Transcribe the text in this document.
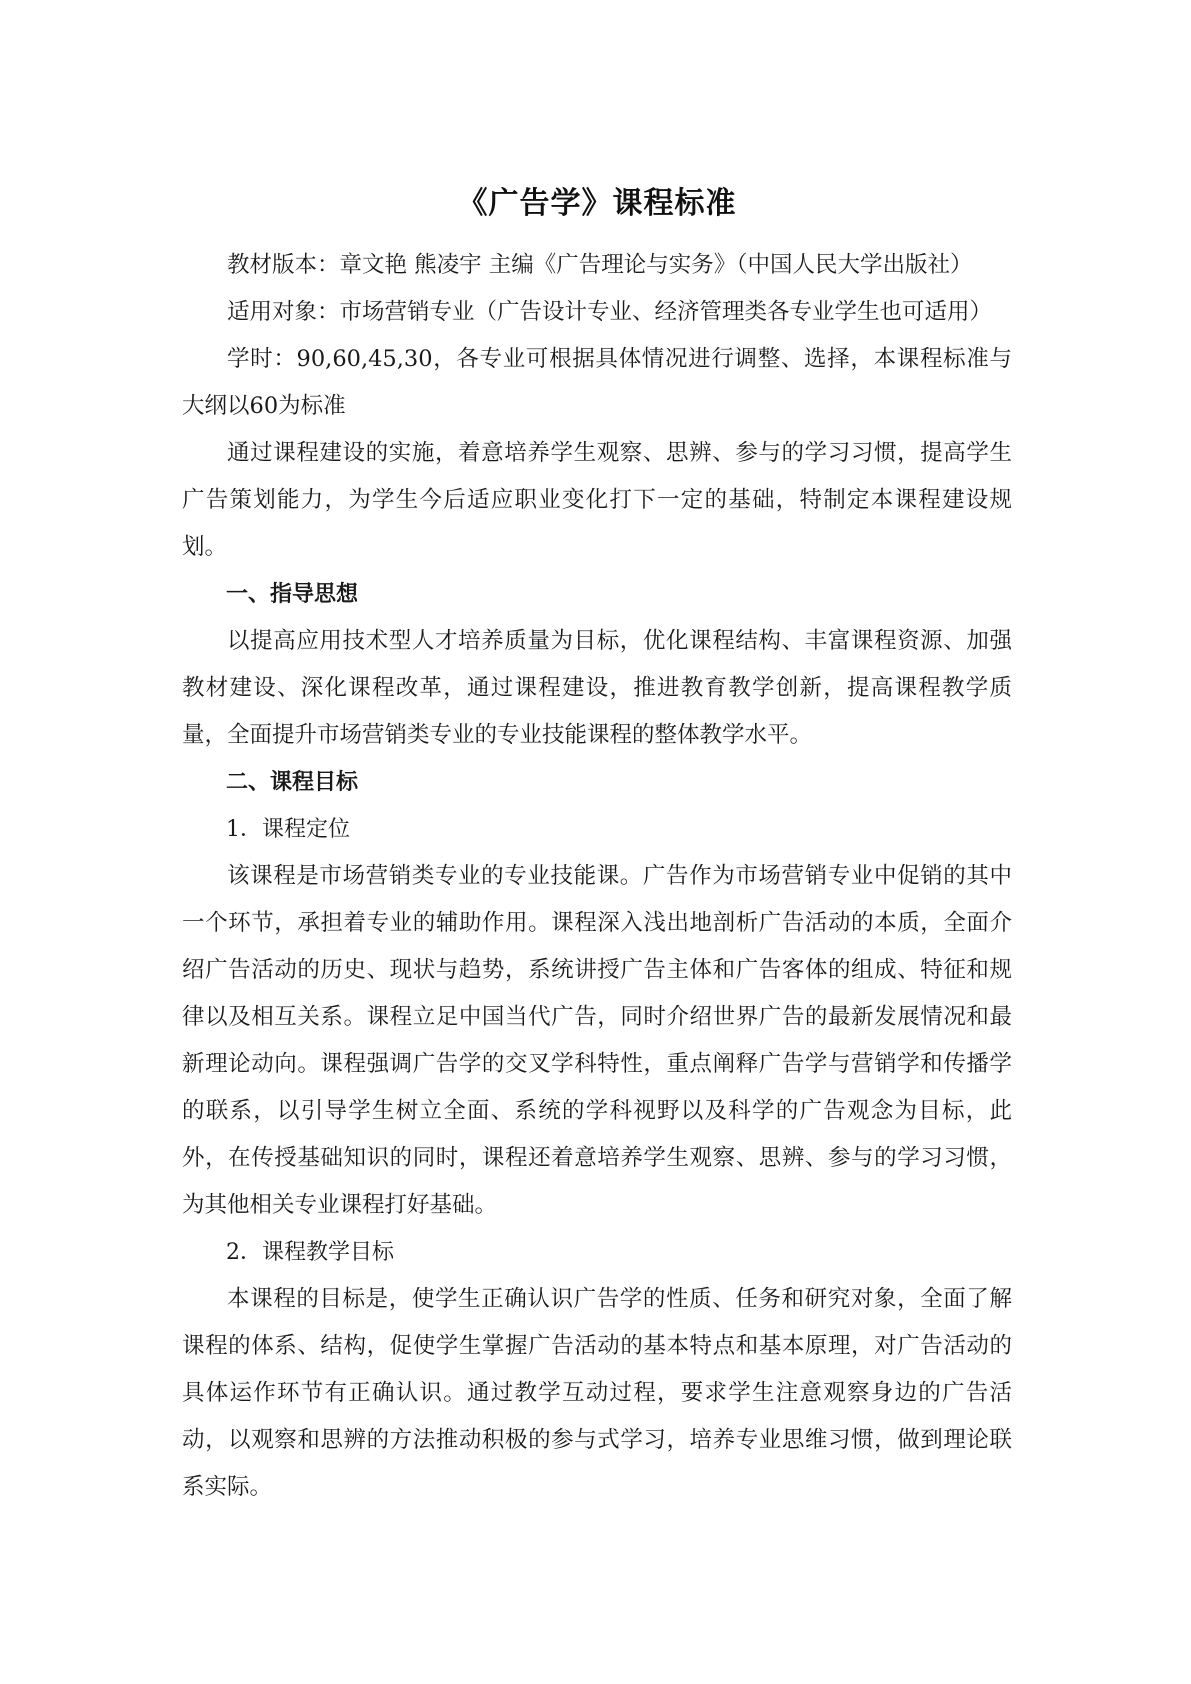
《广告学》课程标准

教材版本：章文艳 熊凌宇 主编《广告理论与实务》（中国人民大学出版社）

适用对象：市场营销专业（广告设计专业、经济管理类各专业学生也可适用）

学时：90,60,45,30，各专业可根据具体情况进行调整、选择，本课程标准与大纲以60为标准

通过课程建设的实施，着意培养学生观察、思辨、参与的学习习惯，提高学生广告策划能力，为学生今后适应职业变化打下一定的基础，特制定本课程建设规划。

一、指导思想

以提高应用技术型人才培养质量为目标，优化课程结构、丰富课程资源、加强教材建设、深化课程改革，通过课程建设，推进教育教学创新，提高课程教学质量，全面提升市场营销类专业的专业技能课程的整体教学水平。

二、课程目标

1．课程定位

该课程是市场营销类专业的专业技能课。广告作为市场营销专业中促销的其中一个环节，承担着专业的辅助作用。课程深入浅出地剖析广告活动的本质，全面介绍广告活动的历史、现状与趋势，系统讲授广告主体和广告客体的组成、特征和规律以及相互关系。课程立足中国当代广告，同时介绍世界广告的最新发展情况和最新理论动向。课程强调广告学的交叉学科特性，重点阐释广告学与营销学和传播学的联系，以引导学生树立全面、系统的学科视野以及科学的广告观念为目标，此外，在传授基础知识的同时，课程还着意培养学生观察、思辨、参与的学习习惯，为其他相关专业课程打好基础。

2．课程教学目标

本课程的目标是，使学生正确认识广告学的性质、任务和研究对象，全面了解课程的体系、结构，促使学生掌握广告活动的基本特点和基本原理，对广告活动的具体运作环节有正确认识。通过教学互动过程，要求学生注意观察身边的广告活动，以观察和思辨的方法推动积极的参与式学习，培养专业思维习惯，做到理论联系实际。
